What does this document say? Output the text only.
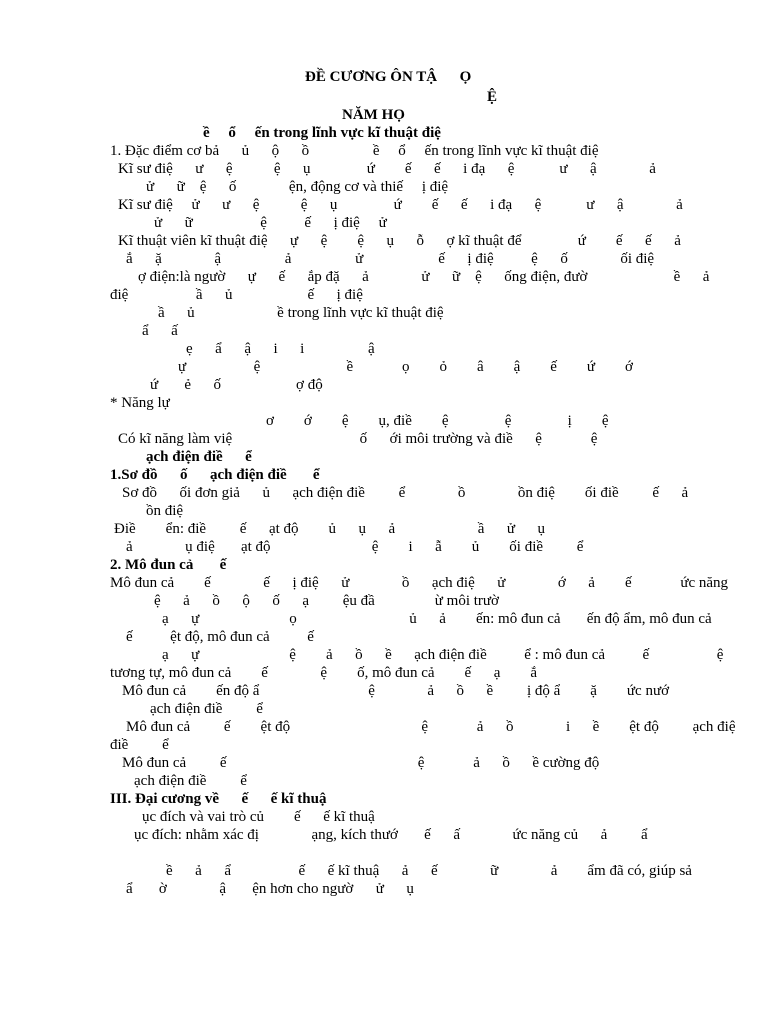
ĐỀ CƯƠNG ÔN TẬ      Ọ
Ệ
NĂM HỌ
ề     ổ     ến trong lĩnh vực kĩ thuật điệ
1. Đặc điểm cơ bả      ủ      ộ      ồ                 ề     ổ     ến trong lĩnh vực kĩ thuật điệ
Kĩ sư điệ      ư      ệ           ệ      ụ               ứ        ế      ế      i đạ      ệ            ư      ậ              ả
ử      ữ    ệ      ố              ện, động cơ và thiế     ị điệ
Kĩ sư điệ     ử      ư      ệ           ệ      ụ               ứ        ế      ế      i đạ      ệ            ư      ậ              ả
ử      ữ                  ệ          ế      ị điệ     ử
Kĩ thuật viên kĩ thuật điệ      ự      ệ        ệ      ụ      ỗ      ợ kĩ thuật để               ứ        ế      ế      ả
ắ      ặ              ậ                 ả                 ử                    ế      ị điệ          ệ      ố              ối điệ
ợ điện:là ngườ      ự      ế      ắp đặ      ả              ử      ữ    ệ      ống điện, đườ                       ề      ả
điệ                  ầ      ủ                    ế      ị điệ
ầ      ủ                      ề trong lĩnh vực kĩ thuật điệ
ẩ      ấ
ẹ      ẩ      ậ      i      i                 ậ
ự                  ệ                       ề             ọ        ỏ        â        ậ        ế        ứ        ớ
ứ       ẻ      ố                    ợ độ
* Năng lự
ơ        ớ        ệ        ụ, điề        ệ               ệ               ị        ệ
Có kĩ năng làm việ                                  ố      ới môi trường và điề      ệ             ệ
ạch điện điề      ể
1.Sơ đồ      ố      ạch điện điề       ể
Sơ đồ      ối đơn giả      ủ      ạch điện điề         ể              ồ              ồn điệ        ối điề         ế      ả
ồn điệ
Điề        ển: điề         ế      ạt độ        ủ      ụ      ả                      ầ      ử      ụ
ả              ụ điệ       ạt độ                           ệ        i      ẫ        ủ        ối điề         ể
2. Mô đun cả       ế
Mô đun cả        ế              ế      ị điệ      ử              ồ      ạch điệ      ử              ớ      ả        ế             ức năng
ệ      ả      ồ      ộ      ố      ạ         ệu đầ                ừ môi trườ
ạ      ự                        ọ                              ủ      ả        ến: mô đun cả       ến độ ẩm, mô đun cả
ế          ệt độ, mô đun cả          ế
ạ      ự                        ệ        ả      ồ      ề      ạch điện điề          ể : mô đun cả          ế                  ệ
tương tự, mô đun cả        ế              ệ        ố, mô đun cả        ế      ạ        ắ
Mô đun cả        ến độ ẩ                             ệ              ả      ồ      ề         ị độ ẩ        ặ        ức nướ
ạch điện điề         ể
Mô đun cả         ế        ệt độ                                   ệ             ả      ồ              i      ề        ệt độ         ạch điệ
điề         ể
Mô đun cả         ế                                                   ệ             ả      ồ      ề cường độ
ạch điện điề         ể
III. Đại cương về      ế      ế kĩ thuậ
ục đích và vai trò củ        ế      ế kĩ thuậ
ục đích: nhằm xác đị              ạng, kích thướ       ế      ấ              ức năng củ      ả         ẩ
ề      ả      ẩ                  ế      ế kĩ thuậ      ả      ế              ữ              ả        ẩm đã có, giúp sả
ẩ       ờ              ậ       ện hơn cho ngườ      ử      ụ
